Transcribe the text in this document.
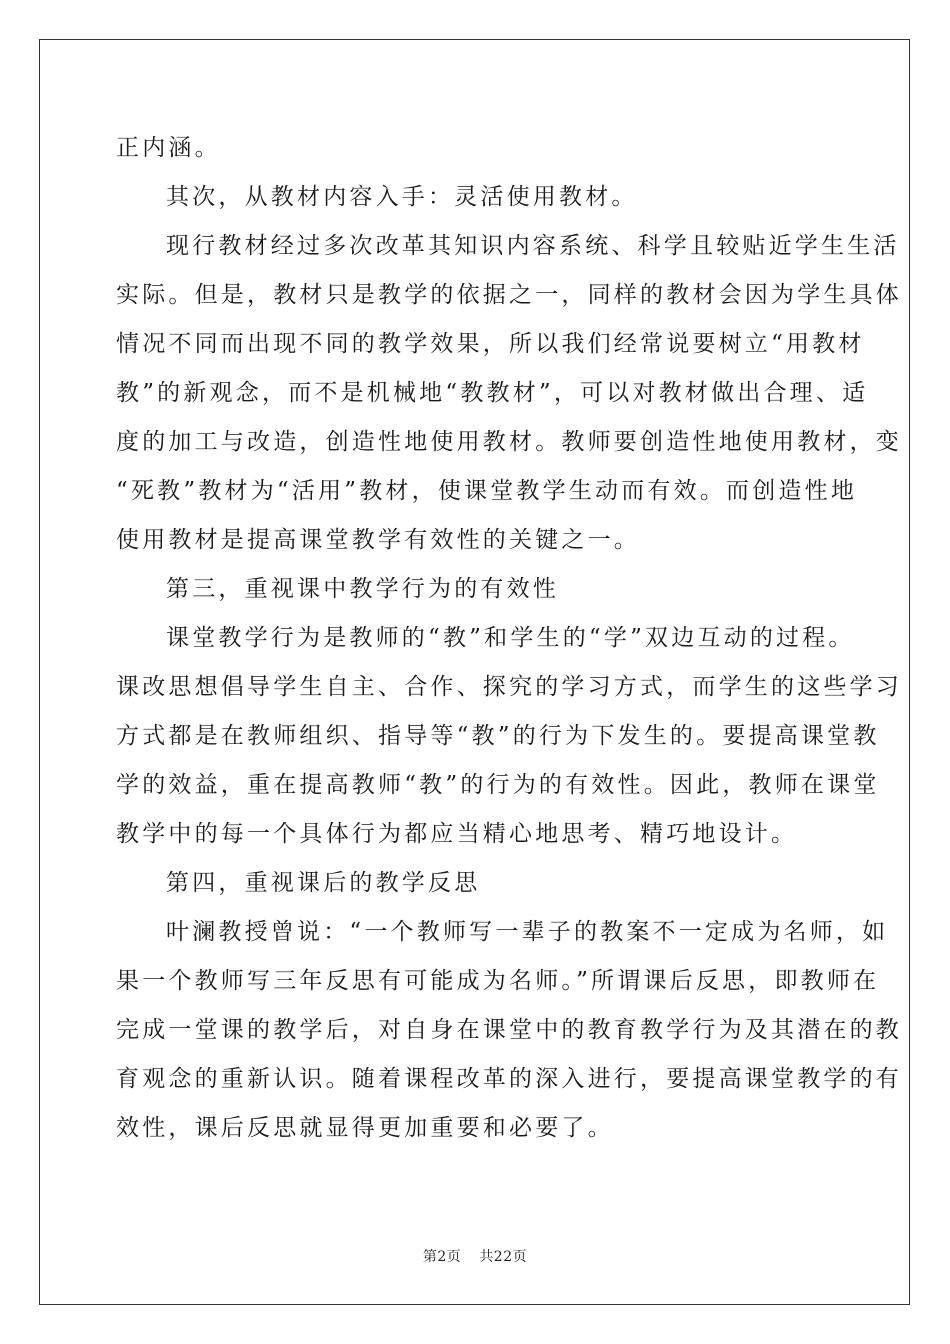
正内涵。
其次，从教材内容入手：灵活使用教材。
现行教材经过多次改革其知识内容系统、科学且较贴近学生生活
实际。但是，教材只是教学的依据之一，同样的教材会因为学生具体
情况不同而出现不同的教学效果，所以我们经常说要树立“用教材
教”的新观念，而不是机械地“教教材”，可以对教材做出合理、适
度的加工与改造，创造性地使用教材。教师要创造性地使用教材，变
“死教”教材为“活用”教材，使课堂教学生动而有效。而创造性地
使用教材是提高课堂教学有效性的关键之一。
第三，重视课中教学行为的有效性
课堂教学行为是教师的“教”和学生的“学”双边互动的过程。
课改思想倡导学生自主、合作、探究的学习方式，而学生的这些学习
方式都是在教师组织、指导等“教”的行为下发生的。要提高课堂教
学的效益，重在提高教师“教”的行为的有效性。因此，教师在课堂
教学中的每一个具体行为都应当精心地思考、精巧地设计。
第四，重视课后的教学反思
叶澜教授曾说：“一个教师写一辈子的教案不一定成为名师，如
果一个教师写三年反思有可能成为名师。”所谓课后反思，即教师在
完成一堂课的教学后，对自身在课堂中的教育教学行为及其潜在的教
育观念的重新认识。随着课程改革的深入进行，要提高课堂教学的有
效性，课后反思就显得更加重要和必要了。
第2页 共22页
